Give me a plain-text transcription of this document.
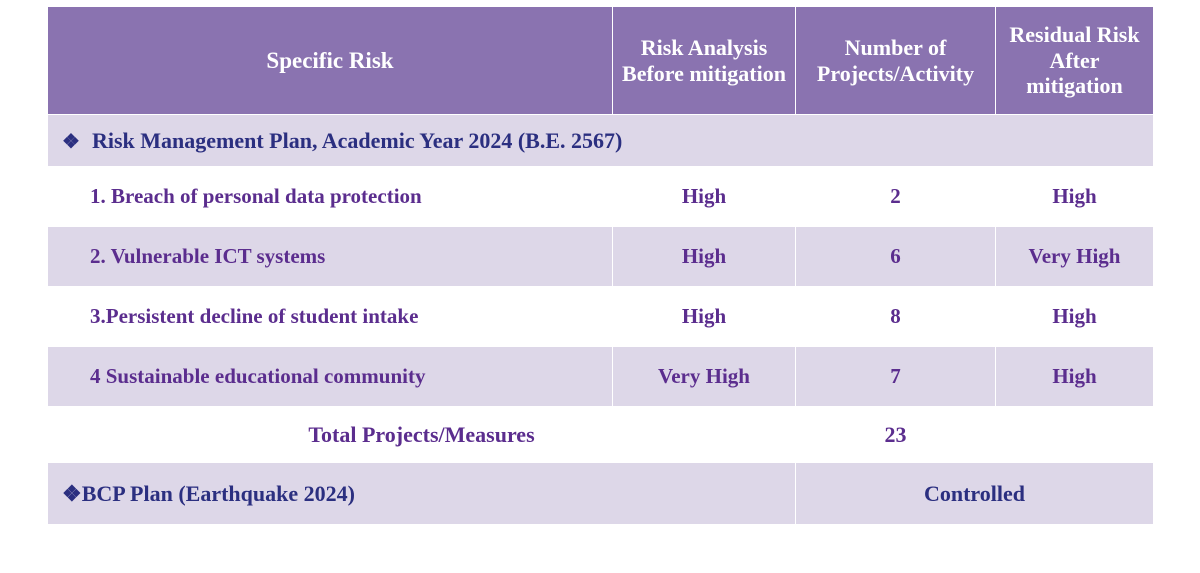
Specific Risk	Risk Analysis Before mitigation	Number of Projects/Activity	Residual Risk After mitigation
❖ Risk Management Plan, Academic Year 2024 (B.E. 2567)			
1. Breach of personal data protection	High	2	High
2. Vulnerable ICT systems	High	6	Very High
3.Persistent decline of student intake	High	8	High
4 Sustainable educational community	Very High	7	High
Total Projects/Measures		23	
❖BCP Plan (Earthquake 2024)		Controlled	
